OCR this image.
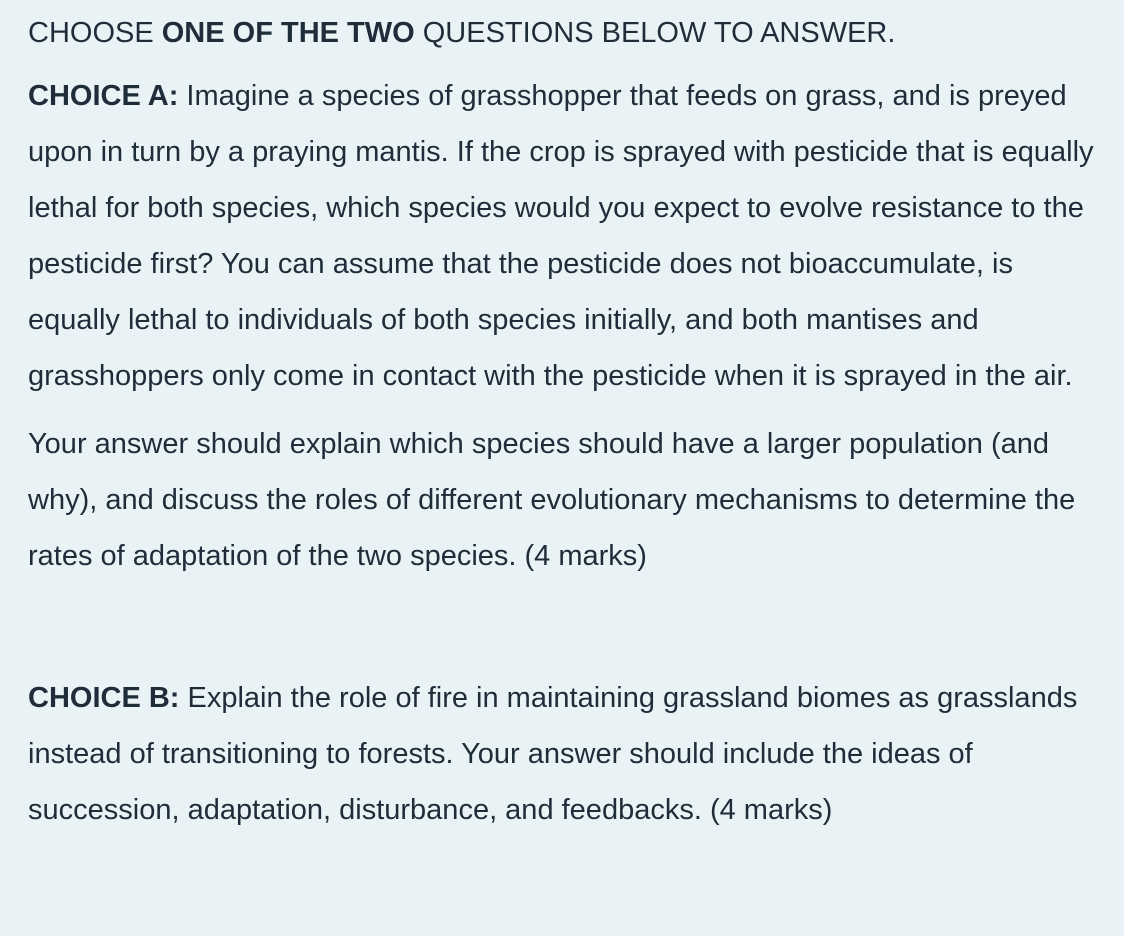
CHOOSE ONE OF THE TWO QUESTIONS BELOW TO ANSWER.

CHOICE A: Imagine a species of grasshopper that feeds on grass, and is preyed upon in turn by a praying mantis. If the crop is sprayed with pesticide that is equally lethal for both species, which species would you expect to evolve resistance to the pesticide first? You can assume that the pesticide does not bioaccumulate, is equally lethal to individuals of both species initially, and both mantises and grasshoppers only come in contact with the pesticide when it is sprayed in the air.

Your answer should explain which species should have a larger population (and why), and discuss the roles of different evolutionary mechanisms to determine the rates of adaptation of the two species. (4 marks)

CHOICE B: Explain the role of fire in maintaining grassland biomes as grasslands instead of transitioning to forests. Your answer should include the ideas of succession, adaptation, disturbance, and feedbacks. (4 marks)
